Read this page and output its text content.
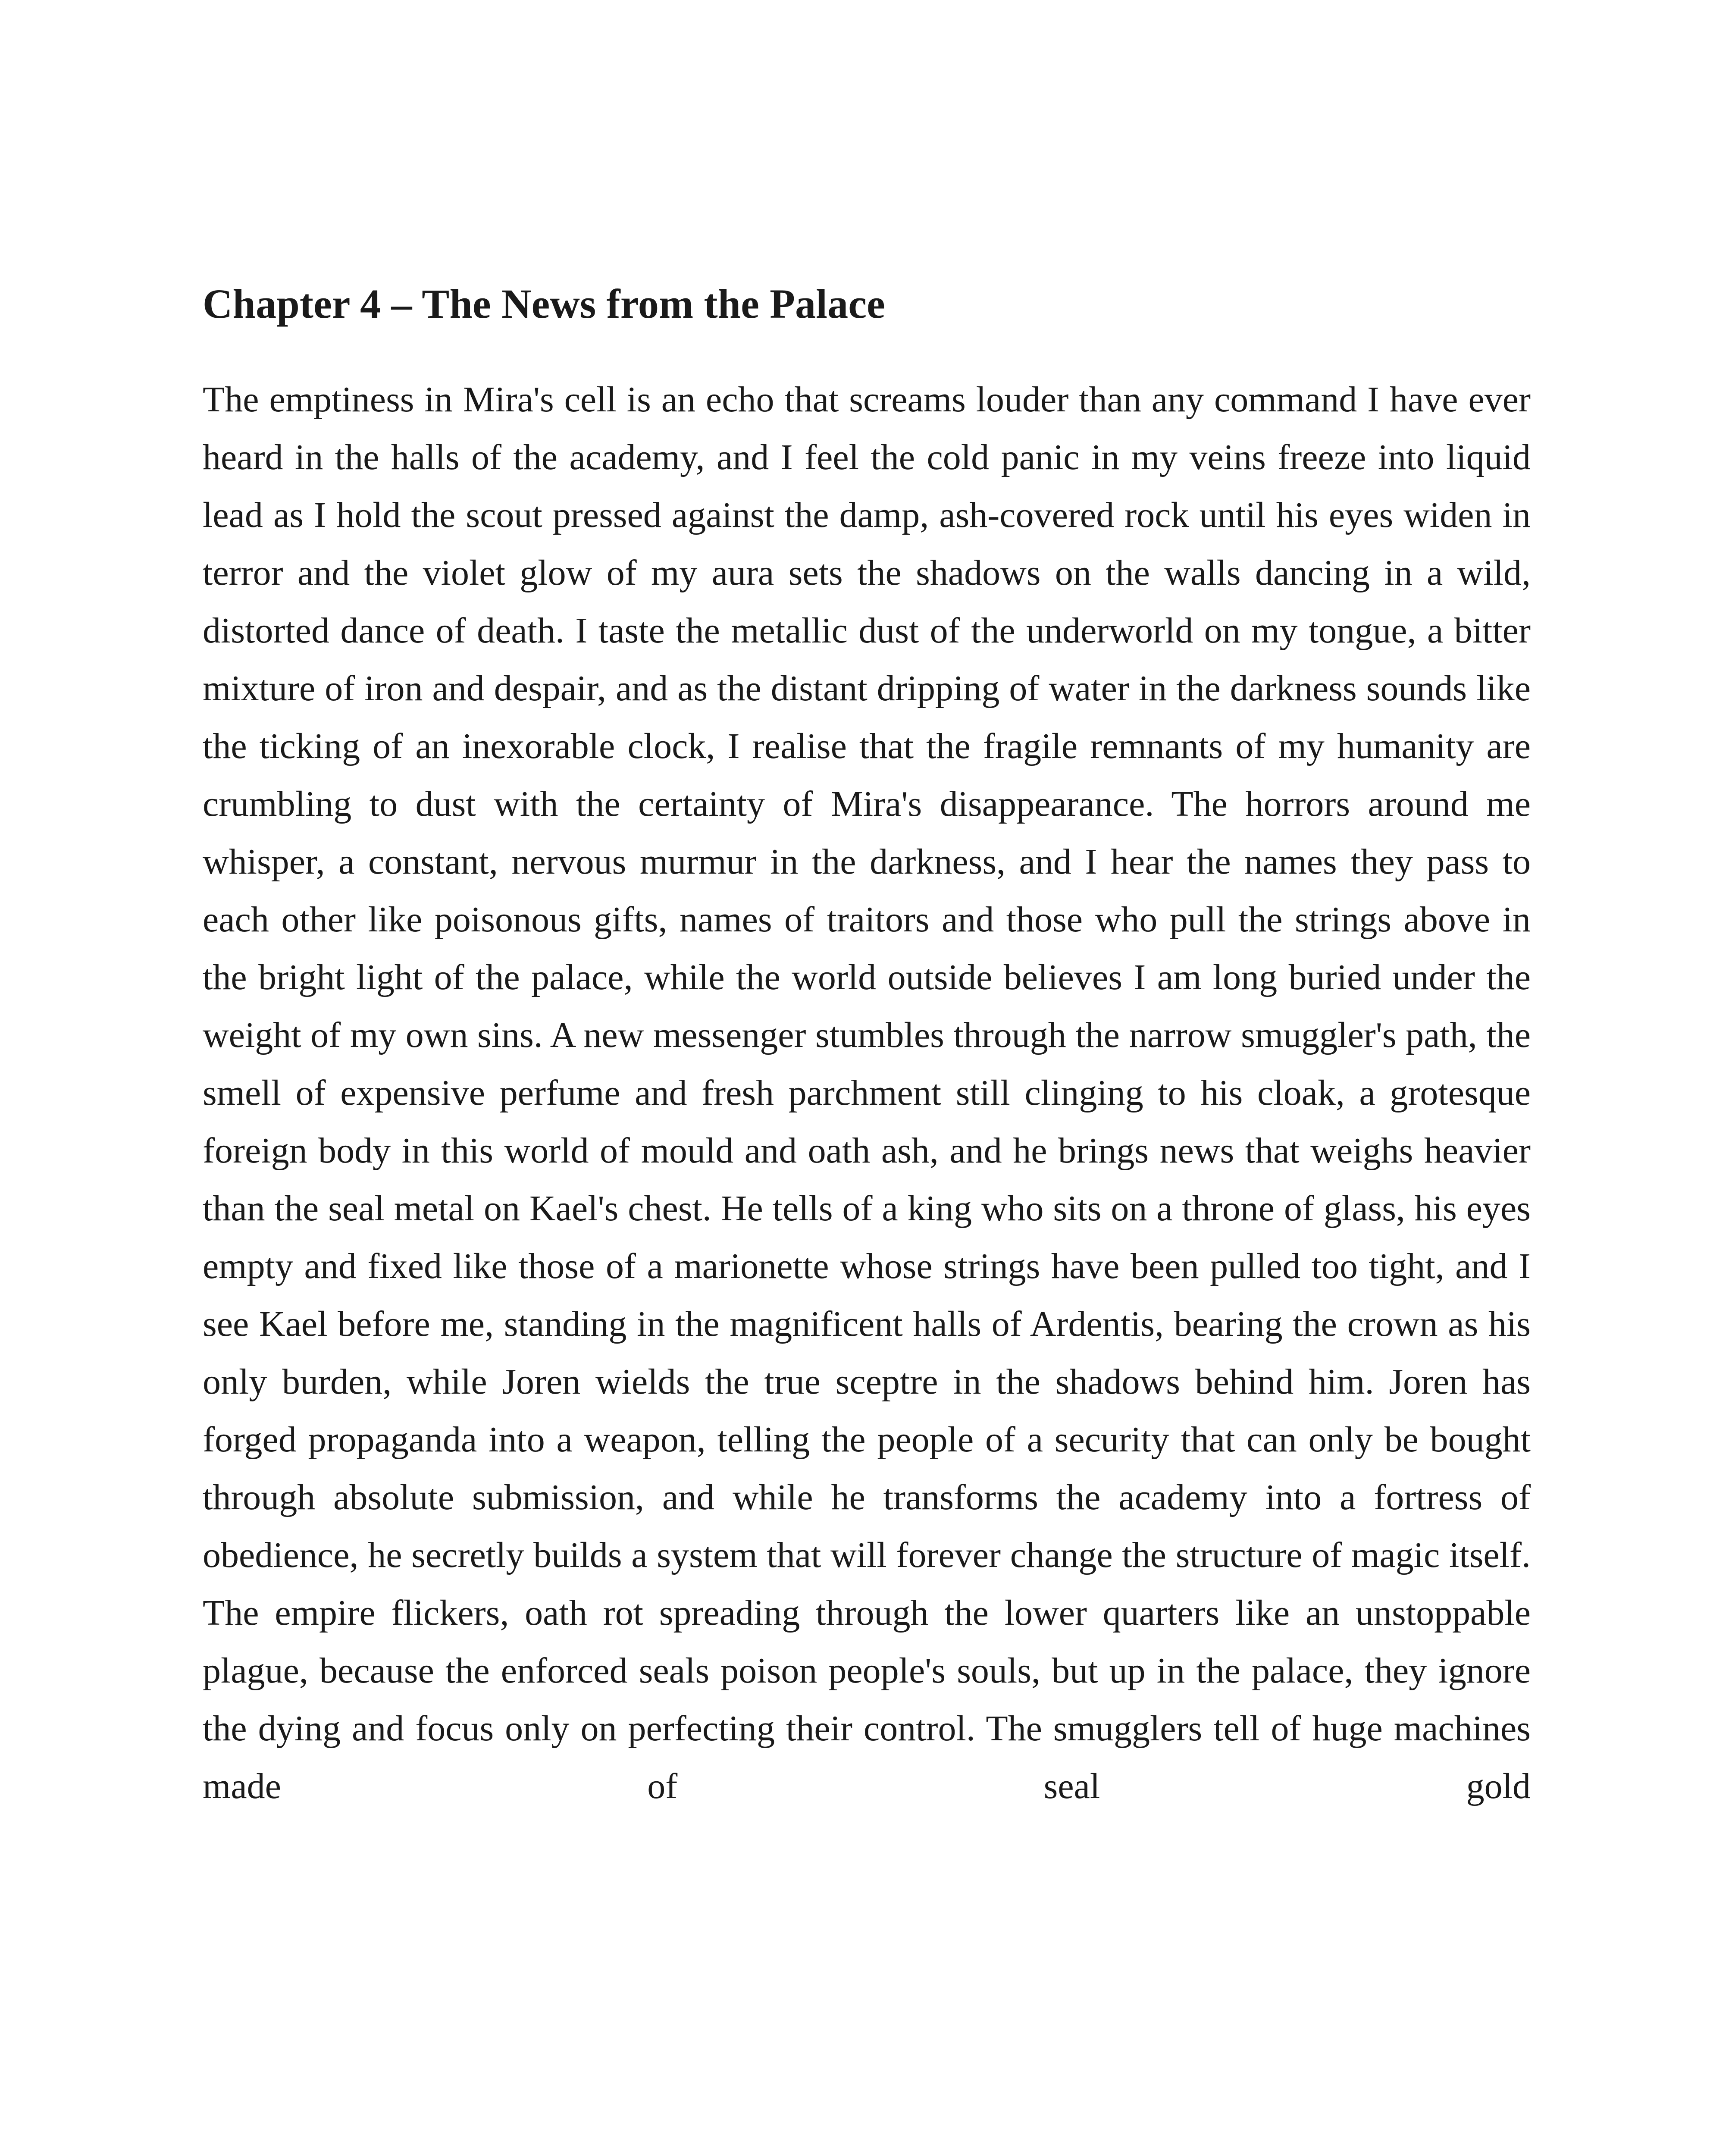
Chapter 4 – The News from the Palace

The emptiness in Mira's cell is an echo that screams louder than any command I have ever heard in the halls of the academy, and I feel the cold panic in my veins freeze into liquid lead as I hold the scout pressed against the damp, ash-covered rock until his eyes widen in terror and the violet glow of my aura sets the shadows on the walls dancing in a wild, distorted dance of death. I taste the metallic dust of the underworld on my tongue, a bitter mixture of iron and despair, and as the distant dripping of water in the darkness sounds like the ticking of an inexorable clock, I realise that the fragile remnants of my humanity are crumbling to dust with the certainty of Mira's disappearance. The horrors around me whisper, a constant, nervous murmur in the darkness, and I hear the names they pass to each other like poisonous gifts, names of traitors and those who pull the strings above in the bright light of the palace, while the world outside believes I am long buried under the weight of my own sins. A new messenger stumbles through the narrow smuggler's path, the smell of expensive perfume and fresh parchment still clinging to his cloak, a grotesque foreign body in this world of mould and oath ash, and he brings news that weighs heavier than the seal metal on Kael's chest. He tells of a king who sits on a throne of glass, his eyes empty and fixed like those of a marionette whose strings have been pulled too tight, and I see Kael before me, standing in the magnificent halls of Ardentis, bearing the crown as his only burden, while Joren wields the true sceptre in the shadows behind him. Joren has forged propaganda into a weapon, telling the people of a security that can only be bought through absolute submission, and while he transforms the academy into a fortress of obedience, he secretly builds a system that will forever change the structure of magic itself. The empire flickers, oath rot spreading through the lower quarters like an unstoppable plague, because the enforced seals poison people's souls, but up in the palace, they ignore the dying and focus only on perfecting their control. The smugglers tell of huge machines made of seal gold
